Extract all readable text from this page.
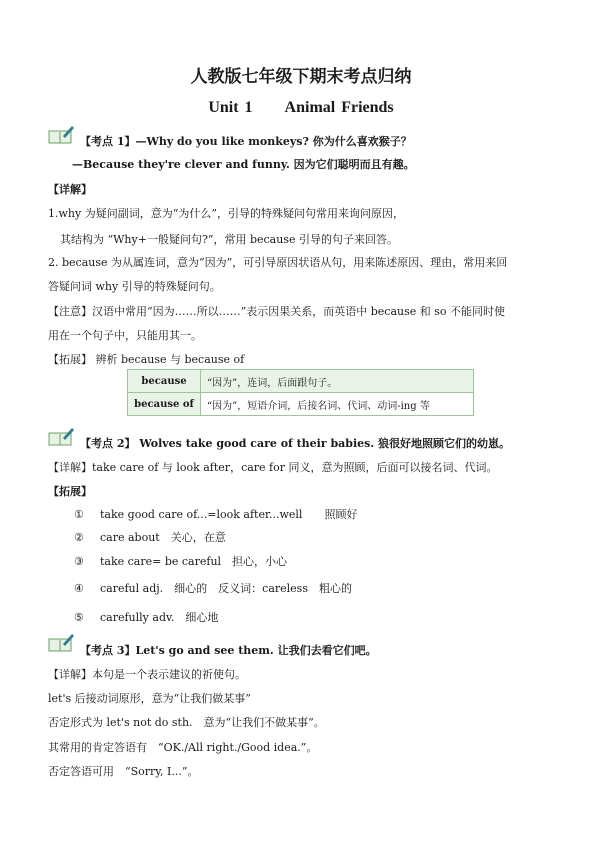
人教版七年级下期末考点归纳
Unit 1　　Animal Friends
【考点 1】—Why do you like monkeys? 你为什么喜欢猴子？
—Because they're clever and funny. 因为它们聪明而且有趣。
【详解】
1.why 为疑问副词，意为“为什么”，引导的特殊疑问句常用来询问原因，
其结构为 “Why+一般疑问句?”，常用 because 引导的句子来回答。
2. because 为从属连词，意为“因为”，可引导原因状语从句，用来陈述原因、理由，常用来回
答疑问词 why 引导的特殊疑问句。
【注意】汉语中常用“因为……所以……”表示因果关系，而英语中 because 和 so 不能同时使
用在一个句子中，只能用其一。
【拓展】 辨析 because 与 because of
because	“因为”，连词，后面跟句子。
because of	“因为”，短语介词，后接名词、代词、动词-ing 等
【考点 2】 Wolves take good care of their babies. 狼很好地照顾它们的幼崽。
【详解】take care of 与 look after，care for 同义，意为照顾，后面可以接名词、代词。
【拓展】
① take good care of...=look after...well　　照顾好
② care about　关心，在意
③ take care= be careful　担心，小心
④ careful adj.　细心的　反义词：careless　粗心的
⑤ carefully adv.　细心地
【考点 3】Let's go and see them. 让我们去看它们吧。
【详解】本句是一个表示建议的祈使句。
let's 后接动词原形，意为“让我们做某事”
否定形式为 let's not do sth.　意为“让我们不做某事”。
其常用的肯定答语有　“OK./All right./Good idea.”。
否定答语可用　“Sorry, I...”。
